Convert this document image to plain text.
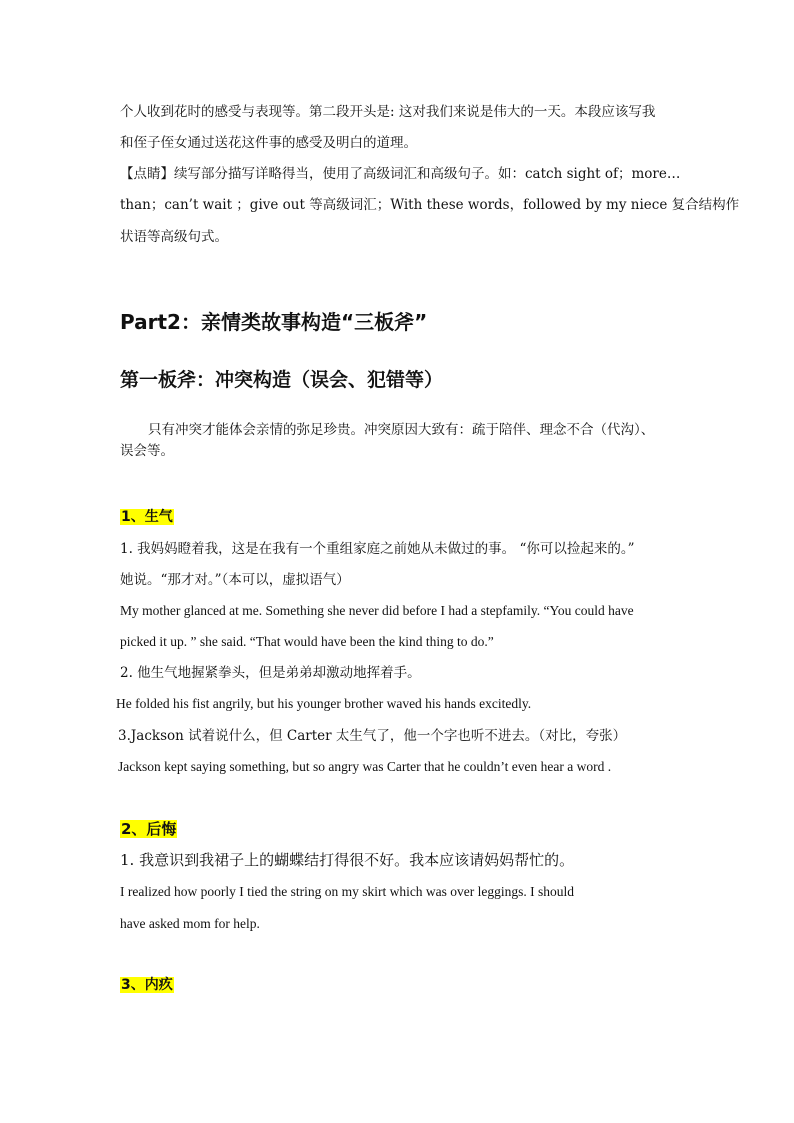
个人收到花时的感受与表现等。第二段开头是: 这对我们来说是伟大的一天。本段应该写我
和侄子侄女通过送花这件事的感受及明白的道理。
【点睛】续写部分描写详略得当，使用了高级词汇和高级句子。如：catch sight of；more…
than；can’t wait ；give out 等高级词汇；With these words，followed by my niece 复合结构作
状语等高级句式。
Part2：亲情类故事构造“三板斧”
第一板斧：冲突构造（误会、犯错等）
只有冲突才能体会亲情的弥足珍贵。冲突原因大致有：疏于陪伴、理念不合（代沟）、
误会等。
1、生气
1. 我妈妈瞪着我，这是在我有一个重组家庭之前她从未做过的事。 “你可以捡起来的。”
她说。“那才对。”（本可以，虚拟语气）
My mother glanced at me. Something she never did before I had a stepfamily. “You could have
picked it up. ” she said. “That would have been the kind thing to do.”
2. 他生气地握紧拳头，但是弟弟却激动地挥着手。
He folded his fist angrily, but his younger brother waved his hands excitedly.
3.Jackson 试着说什么，但 Carter 太生气了，他一个字也听不进去。（对比，夸张）
Jackson kept saying something, but so angry was Carter that he couldn’t even hear a word .
2、后悔
1. 我意识到我裙子上的蝴蝶结打得很不好。我本应该请妈妈帮忙的。
I realized how poorly I tied the string on my skirt which was over leggings. I should
have asked mom for help.
3、内疚
